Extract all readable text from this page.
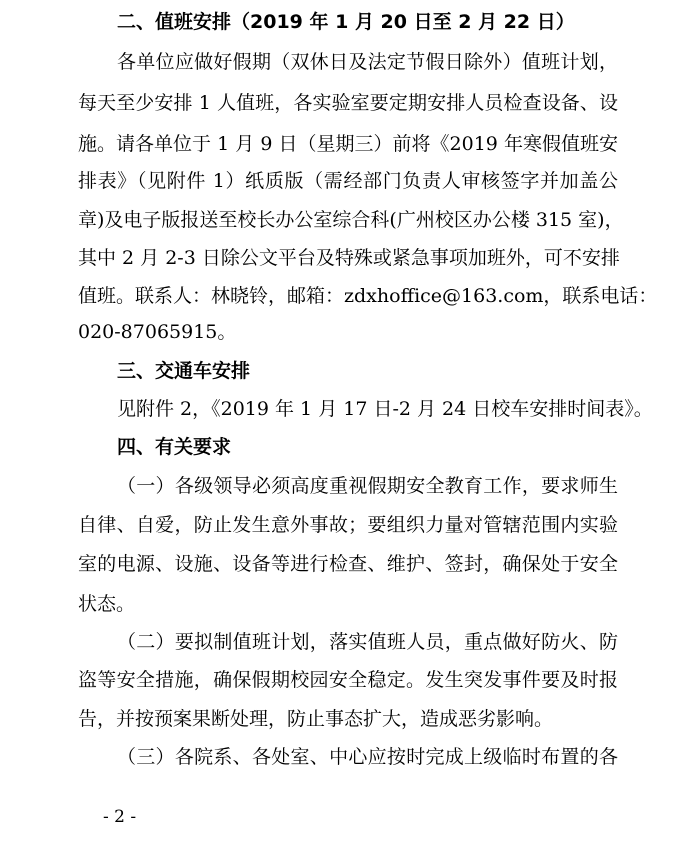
二、值班安排（2019 年 1 月 20 日至 2 月 22 日）
各单位应做好假期（双休日及法定节假日除外）值班计划，
每天至少安排 1 人值班，各实验室要定期安排人员检查设备、设
施。请各单位于 1 月 9 日（星期三）前将《2019 年寒假值班安
排表》（见附件 1）纸质版（需经部门负责人审核签字并加盖公
章)及电子版报送至校长办公室综合科(广州校区办公楼 315 室)，
其中 2 月 2-3 日除公文平台及特殊或紧急事项加班外，可不安排
值班。联系人：林晓铃，邮箱：zdxhoffice@163.com，联系电话：
020-87065915。
三、交通车安排
见附件 2，《2019 年 1 月 17 日-2 月 24 日校车安排时间表》。
四、有关要求
（一）各级领导必须高度重视假期安全教育工作，要求师生
自律、自爱，防止发生意外事故；要组织力量对管辖范围内实验
室的电源、设施、设备等进行检查、维护、签封，确保处于安全
状态。
（二）要拟制值班计划，落实值班人员，重点做好防火、防
盗等安全措施，确保假期校园安全稳定。发生突发事件要及时报
告，并按预案果断处理，防止事态扩大，造成恶劣影响。
（三）各院系、各处室、中心应按时完成上级临时布置的各
- 2 -
